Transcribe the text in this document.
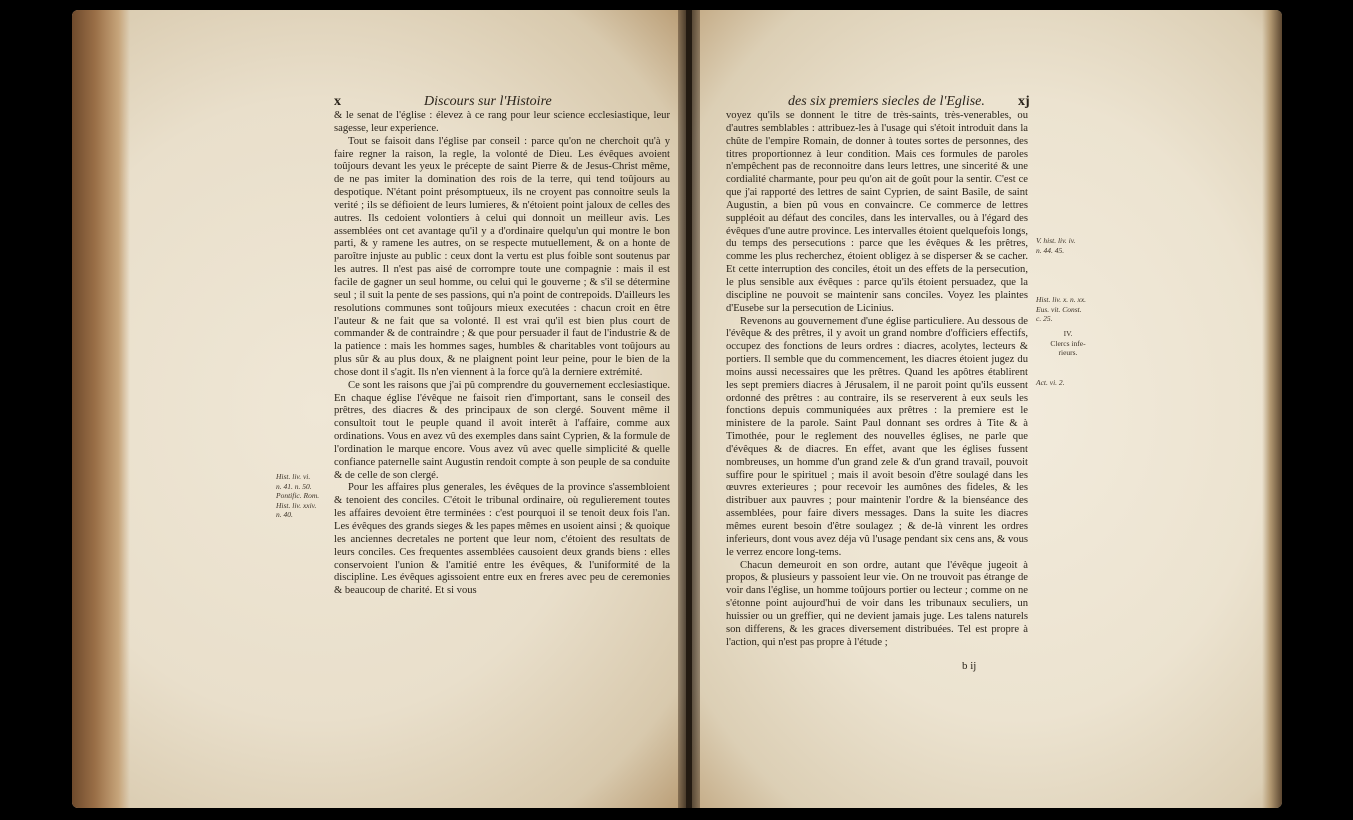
x	Discours sur l'Histoire

& le senat de l'église : élevez à ce rang pour leur science ecclesiastique, leur sagesse, leur experience.

Tout se faisoit dans l'église par conseil : parce qu'on ne cherchoit qu'à y faire regner la raison, la regle, la volonté de Dieu. Les évêques avoient toûjours devant les yeux le précepte de saint Pierre & de Jesus-Christ même, de ne pas imiter la domination des rois de la terre, qui tend toûjours au despotique. N'étant point présomptueux, ils ne croyent pas connoitre seuls la verité ; ils se défioient de leurs lumieres, & n'étoient point jaloux de celles des autres. Ils cedoient volontiers à celui qui donnoit un meilleur avis. Les assemblées ont cet avantage qu'il y a d'ordinaire quelqu'un qui montre le bon parti, & y ramene les autres, on se respecte mutuellement, & on a honte de paroître injuste au public : ceux dont la vertu est plus foible sont soutenus par les autres. Il n'est pas aisé de corrompre toute une compagnie : mais il est facile de gagner un seul homme, ou celui qui le gouverne ; & s'il se détermine seul ; il suit la pente de ses passions, qui n'a point de contrepoids. D'ailleurs les resolutions communes sont toûjours mieux executées : chacun croit en être l'auteur & ne fait que sa volonté. Il est vrai qu'il est bien plus court de commander & de contraindre ; & que pour persuader il faut de l'industrie & de la patience : mais les hommes sages, humbles & charitables vont toûjours au plus sûr & au plus doux, & ne plaignent point leur peine, pour le bien de la chose dont il s'agit. Ils n'en viennent à la force qu'à la derniere extrémité.

Ce sont les raisons que j'ai pû comprendre du gouvernement ecclesiastique. En chaque église l'évêque ne faisoit rien d'important, sans le conseil des prêtres, des diacres & des principaux de son clergé. Souvent même il consultoit tout le peuple quand il avoit interêt à l'affaire, comme aux ordinations. Vous en avez vû des exemples dans saint Cyprien, & la formule de l'ordination le marque encore. Vous avez vû avec quelle simplicité & quelle confiance paternelle saint Augustin rendoit compte à son peuple de sa conduite & de celle de son clergé.

Pour les affaires plus generales, les évêques de la province s'assembloient & tenoient des conciles. C'étoit le tribunal ordinaire, où regulierement toutes les affaires devoient être terminées : c'est pourquoi il se tenoit deux fois l'an. Les évêques des grands sieges & les papes mêmes en usoient ainsi ; & quoique les anciennes decretales ne portent que leur nom, c'étoient des resultats de leurs conciles. Ces frequentes assemblées causoient deux grands biens : elles conservoient l'union & l'amitié entre les évêques, & l'uniformité de la discipline. Les évêques agissoient entre eux en freres avec peu de ceremonies & beaucoup de charité. Et si vous

Hist. liv. vi.
n. 41. n. 50.
Pontific. Rom.
Hist. liv. xxiv.
n. 40.
des six premiers siecles de l'Eglise. xj

voyez qu'ils se donnent le titre de très-saints, très-venerables, ou d'autres semblables : attribuez-les à l'usage qui s'étoit introduit dans la chûte de l'empire Romain, de donner à toutes sortes de personnes, des titres proportionnez à leur condition. Mais ces formules de paroles n'empêchent pas de reconnoitre dans leurs lettres, une sincerité & une cordialité charmante, pour peu qu'on ait de goût pour la sentir. C'est ce que j'ai rapporté des lettres de saint Cyprien, de saint Basile, de saint Augustin, a bien pû vous en convaincre. Ce commerce de lettres suppléoit au défaut des conciles, dans les intervalles, ou à l'égard des évêques d'une autre province. Les intervalles étoient quelquefois longs, du temps des persecutions : parce que les évêques & les prêtres, comme les plus recherchez, étoient obligez à se disperser & se cacher. Et cette interruption des conciles, étoit un des effets de la persecution, le plus sensible aux évêques : parce qu'ils étoient persuadez, que la discipline ne pouvoit se maintenir sans conciles. Voyez les plaintes d'Eusebe sur la persecution de Licinius.

Revenons au gouvernement d'une église particuliere. Au dessous de l'évêque & des prêtres, il y avoit un grand nombre d'officiers effectifs, occupez des fonctions de leurs ordres : diacres, acolytes, lecteurs & portiers. Il semble que du commencement, les diacres étoient jugez du moins aussi necessaires que les prêtres. Quand les apôtres établirent les sept premiers diacres à Jérusalem, il ne paroit point qu'ils eussent ordonné des prêtres : au contraire, ils se reserverent à eux seuls les fonctions depuis communiquées aux prêtres : la premiere est le ministere de la parole. Saint Paul donnant ses ordres à Tite & à Timothée, pour le reglement des nouvelles églises, ne parle que d'évêques & de diacres. En effet, avant que les églises fussent nombreuses, un homme d'un grand zele & d'un grand travail, pouvoit suffire pour le spirituel ; mais il avoit besoin d'être soulagé dans les œuvres exterieures ; pour recevoir les aumônes des fideles, & les distribuer aux pauvres ; pour maintenir l'ordre & la bienséance des assemblées, pour faire divers messages. Dans la suite les diacres mêmes eurent besoin d'être soulagez ; & de-là vinrent les ordres inferieurs, dont vous avez déja vû l'usage pendant six cens ans, & vous le verrez encore long-tems.

Chacun demeuroit en son ordre, autant que l'évêque jugeoit à propos, & plusieurs y passoient leur vie. On ne trouvoit pas étrange de voir dans l'église, un homme toûjours portier ou lecteur ; comme on ne s'étonne point aujourd'hui de voir dans les tribunaux seculiers, un huissier ou un greffier, qui ne devient jamais juge. Les talens naturels son differens, & les graces diversement distribuées. Tel est propre à l'action, qui n'est pas propre à l'étude ;

V. hist. liv. iv.
n. 44. 45.
Hist. liv. x. n. xx.
Eus. vit. Const.
c. 25.
IV.
Clercs infe-
rieurs.
Act. vi. 2.
b ij
